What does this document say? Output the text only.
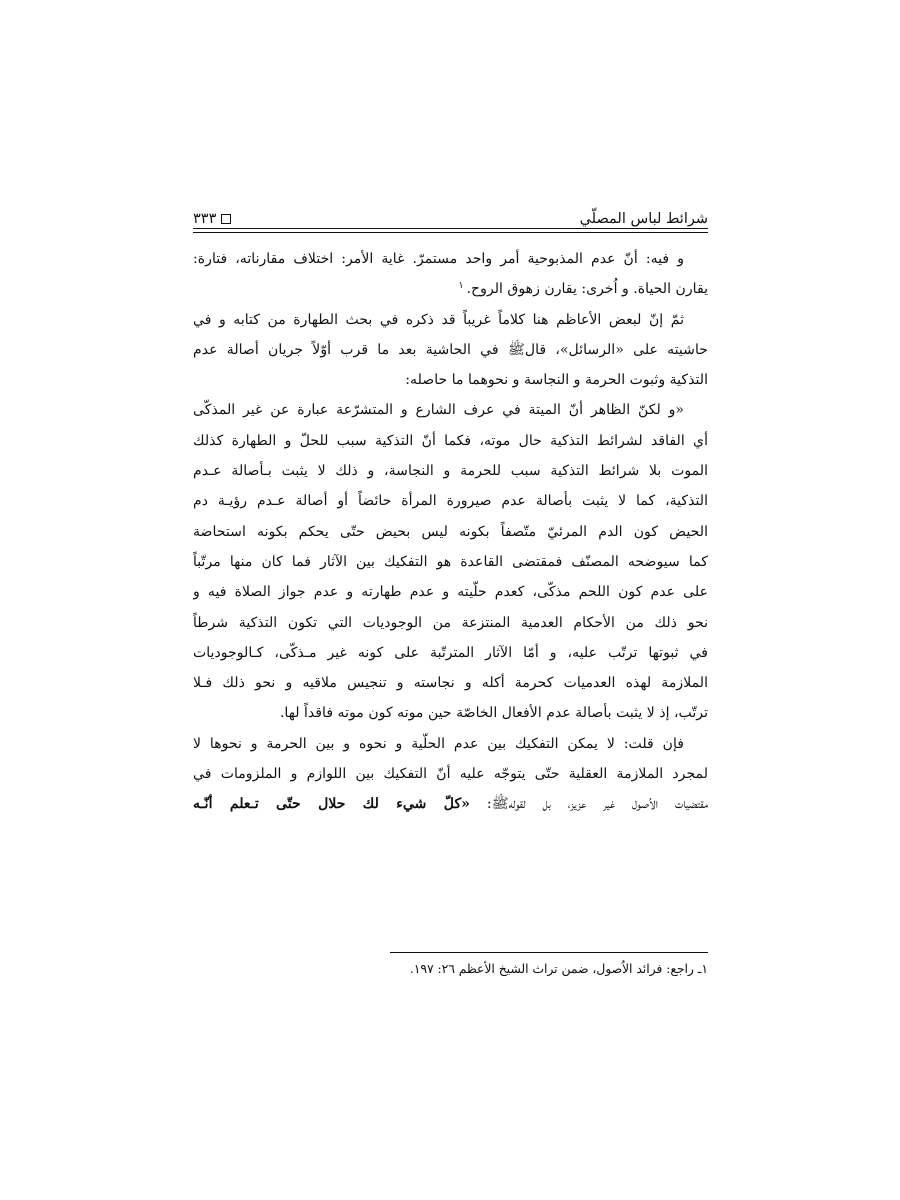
شرائط لباس المصلّي
٣٣٣
و فيه: أنّ عدم المذبوحية أمر واحد مستمرّ. غاية الأمر: اختلاف مقارناته، فتارة:
يقارن الحياة. و اُخرى: يقارن زهوق الروح.$^١$
ثمّ إنّ لبعض الأعاظم هنا كلاماً غريباً قد ذكره في بحث الطهارة من كتابه و في
حاشيته على «الرسائل»، قال‌ﷺ في الحاشية بعد ما قرب أوّلاً جريان أصالة عدم
التذكية وثبوت الحرمة و النجاسة و نحوهما ما حاصله:
«و لكنّ الظاهر أنّ الميتة في عرف الشارع و المتشرّعة عبارة عن غير المذكّى
أي الفاقد لشرائط التذكية حال موته، فكما أنّ التذكية سبب للحلّ و الطهارة كذلك
الموت بلا شرائط التذكية سبب للحرمة و النجاسة، و ذلك لا يثبت بـأصالة عـدم
التذكية، كما لا يثبت بأصالة عدم صيرورة المرأة حائضاً أو أصالة عـدم رؤيـة دم
الحيض كون الدم المرئيّ متّصفاً بكونه ليس بحيض حتّى يحكم بكونه استحاضة
كما سيوضحه المصنّف فمقتضى القاعدة هو التفكيك بين الآثار فما كان منها مرتّباً
على عدم كون اللحم مذكّى، كعدم حلّيته و عدم طهارته و عدم جواز الصلاة فيه و
نحو ذلك من الأحكام العدمية المنتزعة من الوجوديات التي تكون التذكية شرطاً
في ثبوتها ترتّب عليه، و أمّا الآثار المترتّبة على كونه غير مـذكّى، كـالوجوديات
الملازمة لهذه العدميات كحرمة أكله و نجاسته و تنجيس ملاقيه و نحو ذلك فـلا
ترتّب، إذ لا يثبت بأصالة عدم الأفعال الخاصّة حين موته كون موته فاقداً لها.
فإن قلت: لا يمكن التفكيك بين عدم الحلّية و نحوه و بين الحرمة و نحوها لا
لمجرد الملازمة العقلية حتّى يتوجّه عليه أنّ التفكيك بين اللوازم و الملزومات في
مقتضيات الاُصول غير عزيز، بل لقوله‌ﷺ: «كلّ شيء لك حلال حتّى تـعلم أنّـه
١ـ راجع: فرائد الاُصول، ضمن تراث الشيخ الأعظم ٢٦: ١٩٧.
